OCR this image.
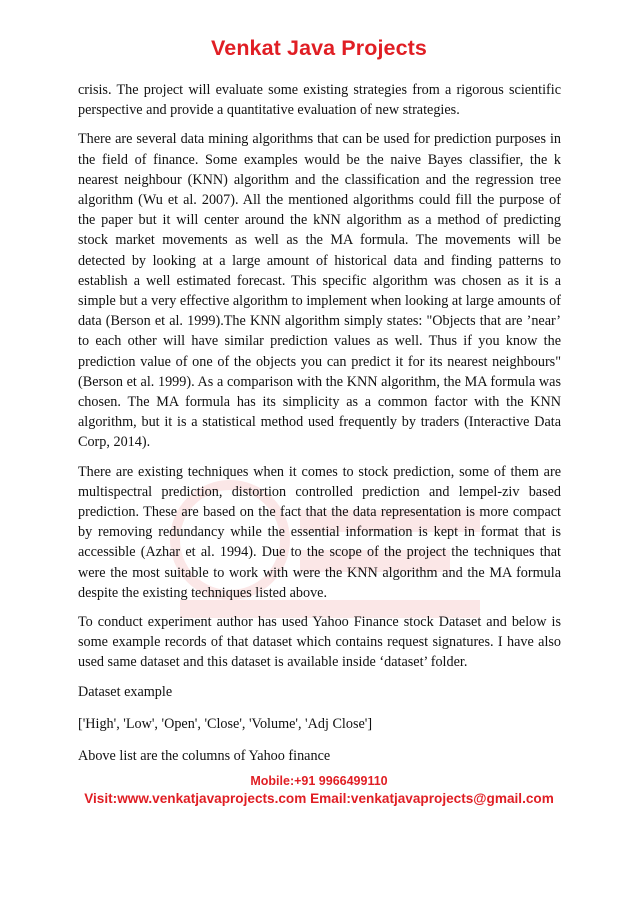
Venkat Java Projects

crisis. The project will evaluate some existing strategies from a rigorous scientific perspective and provide a quantitative evaluation of new strategies.

There are several data mining algorithms that can be used for prediction purposes in the field of finance. Some examples would be the naive Bayes classifier, the k nearest neighbour (KNN) algorithm and the classification and the regression tree algorithm (Wu et al. 2007). All the mentioned algorithms could fill the purpose of the paper but it will center around the kNN algorithm as a method of predicting stock market movements as well as the MA formula. The movements will be detected by looking at a large amount of historical data and finding patterns to establish a well estimated forecast. This specific algorithm was chosen as it is a simple but a very effective algorithm to implement when looking at large amounts of data (Berson et al. 1999).The KNN algorithm simply states: "Objects that are ’near’ to each other will have similar prediction values as well. Thus if you know the prediction value of one of the objects you can predict it for its nearest neighbours" (Berson et al. 1999). As a comparison with the KNN algorithm, the MA formula was chosen. The MA formula has its simplicity as a common factor with the KNN algorithm, but it is a statistical method used frequently by traders (Interactive Data Corp, 2014).

There are existing techniques when it comes to stock prediction, some of them are multispectral prediction, distortion controlled prediction and lempel-ziv based prediction. These are based on the fact that the data representation is more compact by removing redundancy while the essential information is kept in format that is accessible (Azhar et al. 1994). Due to the scope of the project the techniques that were the most suitable to work with were the KNN algorithm and the MA formula despite the existing techniques listed above.

To conduct experiment author has used Yahoo Finance stock Dataset and below is some example records of that dataset which contains request signatures. I have also used same dataset and this dataset is available inside ‘dataset’ folder.

Dataset example

['High', 'Low', 'Open', 'Close', 'Volume', 'Adj Close']

Above list are the columns of Yahoo finance

Mobile:+91 9966499110
Visit:www.venkatjavaprojects.com Email:venkatjavaprojects@gmail.com
